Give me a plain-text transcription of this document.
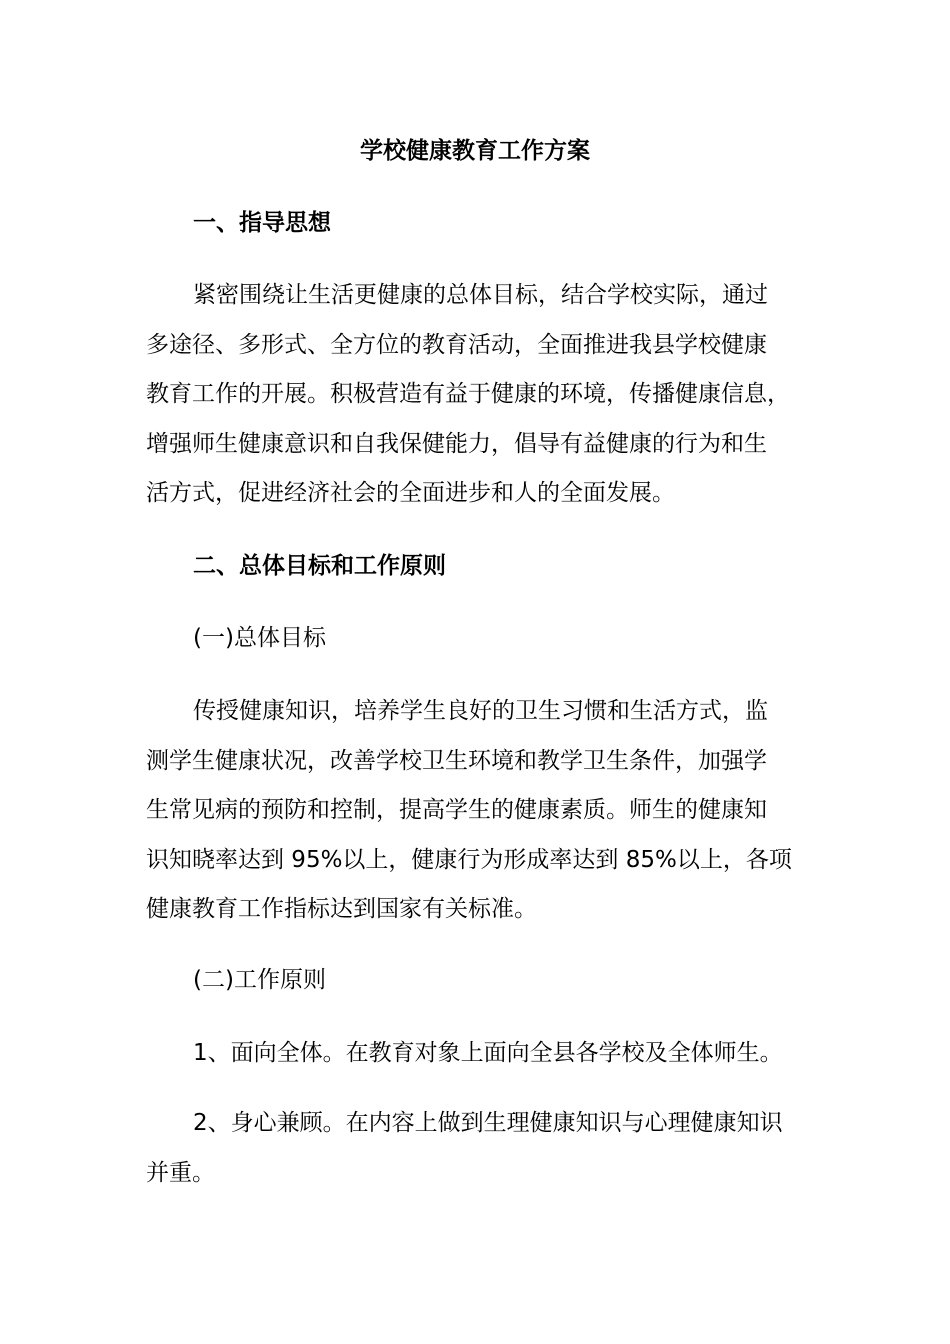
学校健康教育工作方案
一、指导思想
紧密围绕让生活更健康的总体目标，结合学校实际，通过
多途径、多形式、全方位的教育活动，全面推进我县学校健康
教育工作的开展。积极营造有益于健康的环境，传播健康信息，
增强师生健康意识和自我保健能力，倡导有益健康的行为和生
活方式，促进经济社会的全面进步和人的全面发展。
二、总体目标和工作原则
(一)总体目标
传授健康知识，培养学生良好的卫生习惯和生活方式，监
测学生健康状况，改善学校卫生环境和教学卫生条件，加强学
生常见病的预防和控制，提高学生的健康素质。师生的健康知
识知晓率达到 95%以上，健康行为形成率达到 85%以上，各项
健康教育工作指标达到国家有关标准。
(二)工作原则
1、面向全体。在教育对象上面向全县各学校及全体师生。
2、身心兼顾。在内容上做到生理健康知识与心理健康知识
并重。
